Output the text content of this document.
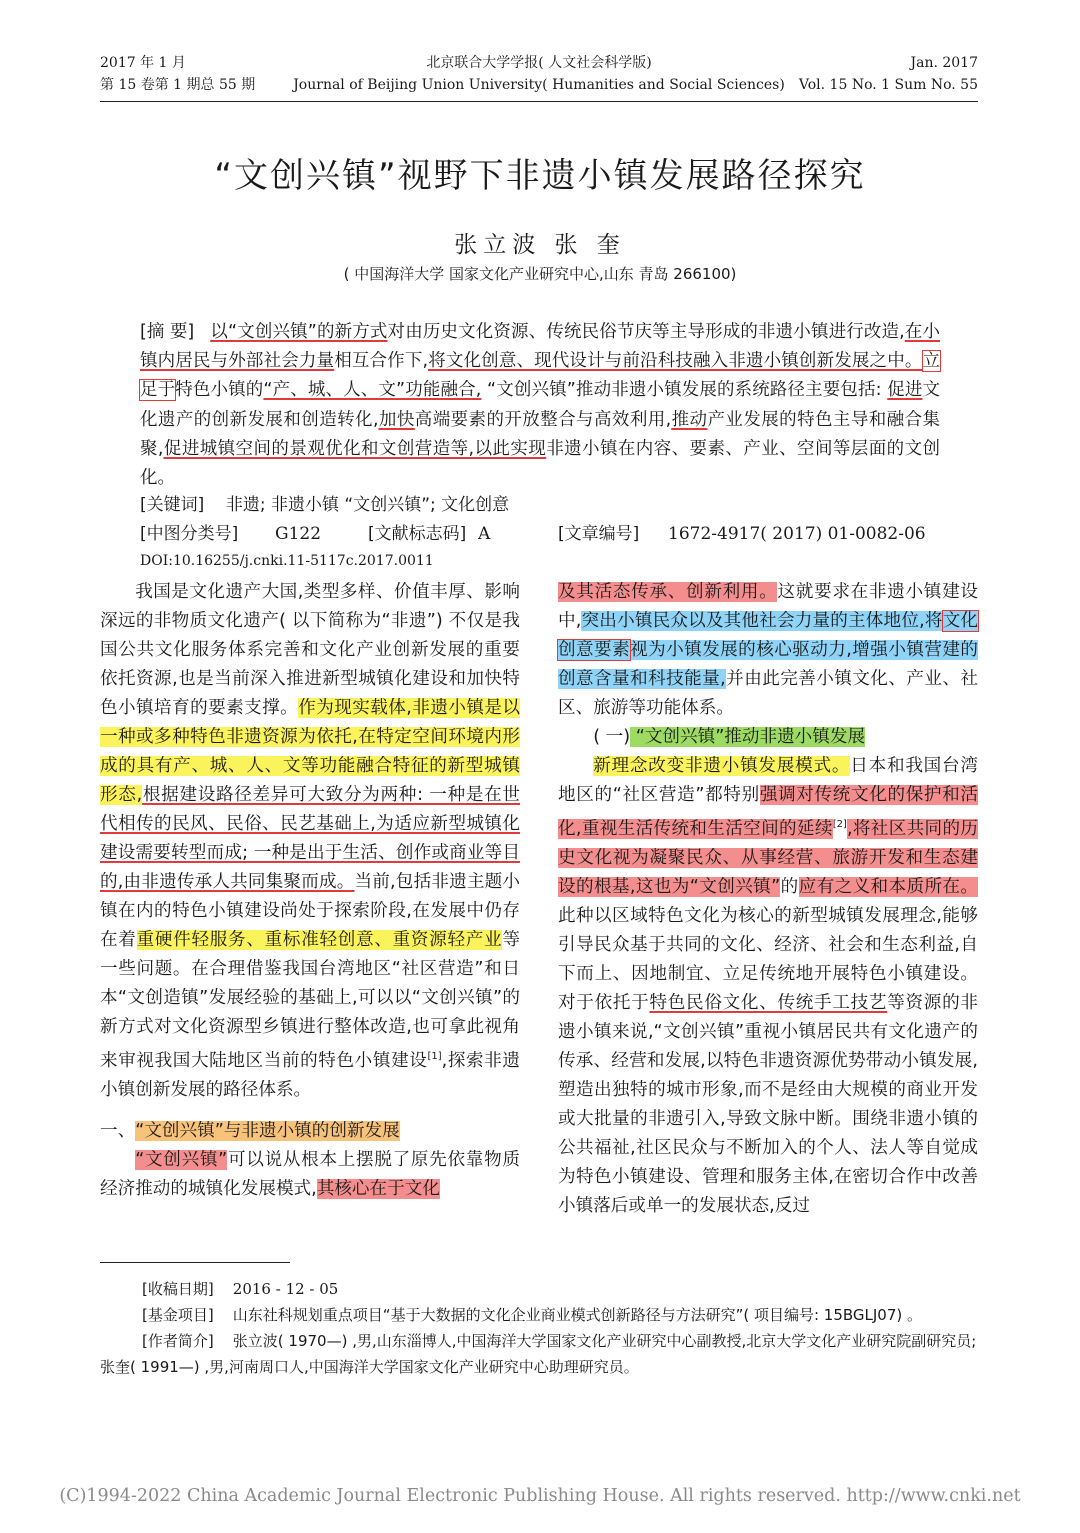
2017 年 1 月
第 15 卷第 1 期总 55 期
北京联合大学学报( 人文社会科学版)
Journal of Beijing Union University( Humanities and Social Sciences)
Jan. 2017
Vol. 15 No. 1 Sum No. 55
“文创兴镇”视野下非遗小镇发展路径探究
张立波 张 奎
( 中国海洋大学 国家文化产业研究中心,山东 青岛 266100)
[摘 要] 以“文创兴镇”的新方式对由历史文化资源、传统民俗节庆等主导形成的非遗小镇进行改造,在小镇内居民与外部社会力量相互合作下,将文化创意、现代设计与前沿科技融入非遗小镇创新发展之中。立足于特色小镇的“产、城、人、文”功能融合, “文创兴镇”推动非遗小镇发展的系统路径主要包括: 促进文化遗产的创新发展和创造转化,加快高端要素的开放整合与高效利用,推动产业发展的特色主导和融合集聚,促进城镇空间的景观优化和文创营造等,以此实现非遗小镇在内容、要素、产业、空间等层面的文创化。
[关键词] 非遗; 非遗小镇 “文创兴镇”; 文化创意
[中图分类号] G122	[文献标志码] A	[文章编号] 1672-4917( 2017) 01-0082-06
DOI:10.16255/j.cnki.11-5117c.2017.0011

我国是文化遗产大国,类型多样、价值丰厚、影响深远的非物质文化遗产( 以下简称为“非遗”) 不仅是我国公共文化服务体系完善和文化产业创新发展的重要依托资源,也是当前深入推进新型城镇化建设和加快特色小镇培育的要素支撑。作为现实载体,非遗小镇是以一种或多种特色非遗资源为依托,在特定空间环境内形成的具有产、城、人、文等功能融合特征的新型城镇形态,根据建设路径差异可大致分为两种: 一种是在世代相传的民风、民俗、民艺基础上,为适应新型城镇化建设需要转型而成; 一种是出于生活、创作或商业等目的,由非遗传承人共同集聚而成。当前,包括非遗主题小镇在内的特色小镇建设尚处于探索阶段,在发展中仍存在着重硬件轻服务、重标准轻创意、重资源轻产业等一些问题。在合理借鉴我国台湾地区“社区营造”和日本“文创造镇”发展经验的基础上,可以以“文创兴镇”的新方式对文化资源型乡镇进行整体改造,也可拿此视角来审视我国大陆地区当前的特色小镇建设[1],探索非遗小镇创新发展的路径体系。

一、“文创兴镇”与非遗小镇的创新发展

“文创兴镇”可以说从根本上摆脱了原先依靠物质经济推动的城镇化发展模式,其核心在于文化

及其活态传承、创新利用。这就要求在非遗小镇建设中,突出小镇民众以及其他社会力量的主体地位,将文化创意要素视为小镇发展的核心驱动力,增强小镇营建的创意含量和科技能量,并由此完善小镇文化、产业、社区、旅游等功能体系。

( 一) “文创兴镇”推动非遗小镇发展

新理念改变非遗小镇发展模式。日本和我国台湾地区的“社区营造”都特别强调对传统文化的保护和活化,重视生活传统和生活空间的延续[2],将社区共同的历史文化视为凝聚民众、从事经营、旅游开发和生态建设的根基,这也为“文创兴镇”的应有之义和本质所在。此种以区域特色文化为核心的新型城镇发展理念,能够引导民众基于共同的文化、经济、社会和生态利益,自下而上、因地制宜、立足传统地开展特色小镇建设。对于依托于特色民俗文化、传统手工技艺等资源的非遗小镇来说,“文创兴镇”重视小镇居民共有文化遗产的传承、经营和发展,以特色非遗资源优势带动小镇发展,塑造出独特的城市形象,而不是经由大规模的商业开发或大批量的非遗引入,导致文脉中断。围绕非遗小镇的公共福祉,社区民众与不断加入的个人、法人等自觉成为特色小镇建设、管理和服务主体,在密切合作中改善小镇落后或单一的发展状态,反过

[收稿日期] 2016 - 12 - 05

[基金项目] 山东社科规划重点项目“基于大数据的文化企业商业模式创新路径与方法研究”( 项目编号: 15BGLJ07) 。

[作者简介] 张立波( 1970—) ,男,山东淄博人,中国海洋大学国家文化产业研究中心副教授,北京大学文化产业研究院副研究员; 张奎( 1991—) ,男,河南周口人,中国海洋大学国家文化产业研究中心助理研究员。

(C)1994-2022 China Academic Journal Electronic Publishing House. All rights reserved. http://www.cnki.net
